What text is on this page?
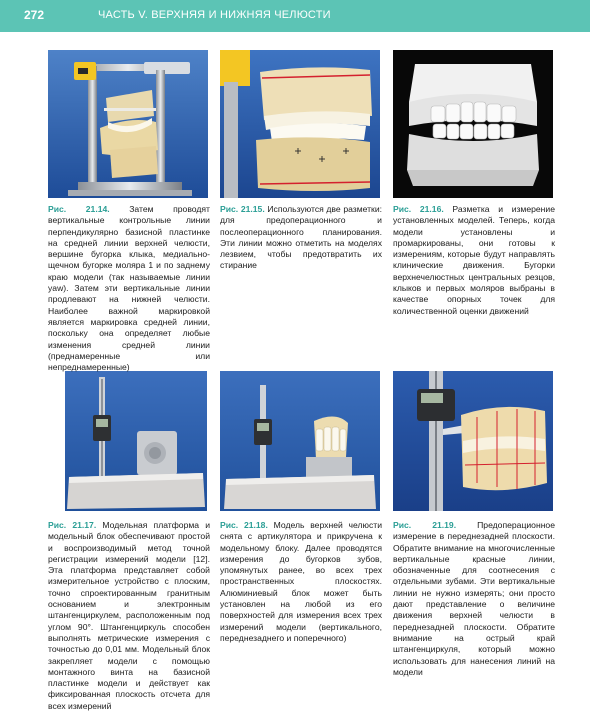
272	ЧАСТЬ V. ВЕРХНЯЯ И НИЖНЯЯ ЧЕЛЮСТИ
Рис. 21.14. Затем проводят вертикальные контрольные линии перпендикулярно базисной пластинке на средней линии верхней челюсти, вершине бугорка клыка, медиально-щечном бугорке моляра 1 и по заднему краю модели (так называемые линии yaw). Затем эти вертикальные линии продлевают на нижней челюсти. Наиболее важной маркировкой является маркировка средней линии, поскольку она определяет любые изменения средней линии (преднамеренные или непреднамеренные)
Рис. 21.15. Используются две разметки: для предоперационного и послеоперационного планирования. Эти линии можно отметить на моделях лезвием, чтобы предотвратить их стирание
Рис. 21.16. Разметка и измерение установленных моделей. Теперь, когда модели установлены и промаркированы, они готовы к измерениям, которые будут направлять клинические движения. Бугорки верхнечелюстных центральных резцов, клыков и первых моляров выбраны в качестве опорных точек для количественной оценки движений
Рис. 21.17. Модельная платформа и модельный блок обеспечивают простой и воспроизводимый метод точной регистрации измерений модели [12]. Эта платформа представляет собой измерительное устройство с плоским, точно спроектированным гранитным основанием и электронным штангенциркулем, расположенным под углом 90°. Штангенциркуль способен выполнять метрические измерения с точностью до 0,01 мм. Модельный блок закрепляет модели с помощью монтажного винта на базисной пластинке модели и действует как фиксированная плоскость отсчета для всех измерений
Рис. 21.18. Модель верхней челюсти снята с артикулятора и прикручена к модельному блоку. Далее проводятся измерения до бугорков зубов, упомянутых ранее, во всех трех пространственных плоскостях. Алюминиевый блок может быть установлен на любой из его поверхностей для измерения всех трех измерений модели (вертикального, переднезаднего и поперечного)
Рис. 21.19. Предоперационное измерение в переднезадней плоскости. Обратите внимание на многочисленные вертикальные красные линии, обозначенные для соотнесения с отдельными зубами. Эти вертикальные линии не нужно измерять; они просто дают представление о величине движения верхней челюсти в переднезадней плоскости. Обратите внимание на острый край штангенциркуля, который можно использовать для нанесения линий на модели
